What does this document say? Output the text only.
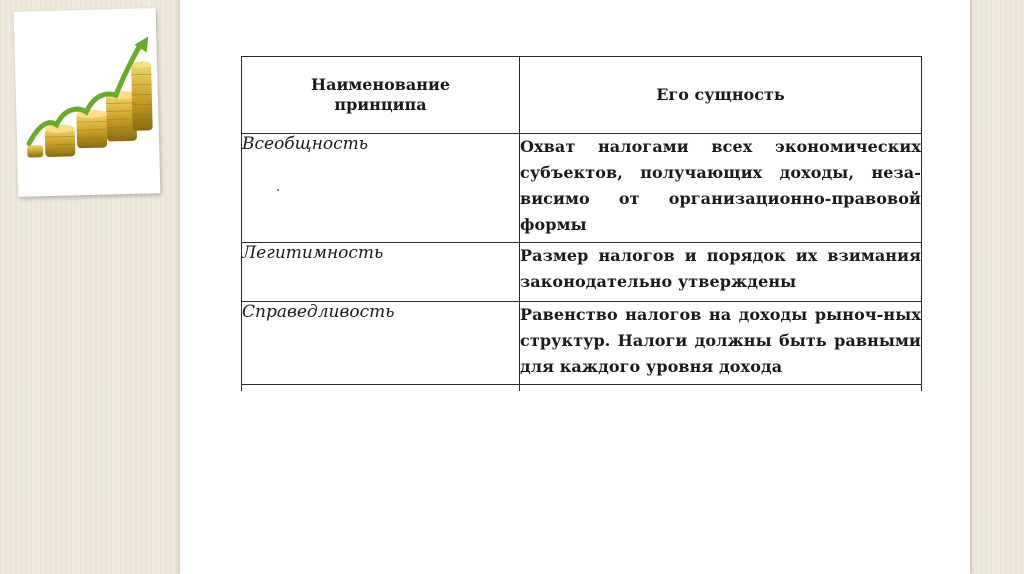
Наименование принципа	Его сущность
Всеобщность	Охват налогами всех экономических субъектов, получающих доходы, неза-висимо от организационно-правовой формы
Легитимность	Размер налогов и порядок их взимания законодательно утверждены
Справедливость	Равенство налогов на доходы рыноч-ных структур. Налоги должны быть равными для каждого уровня дохода
